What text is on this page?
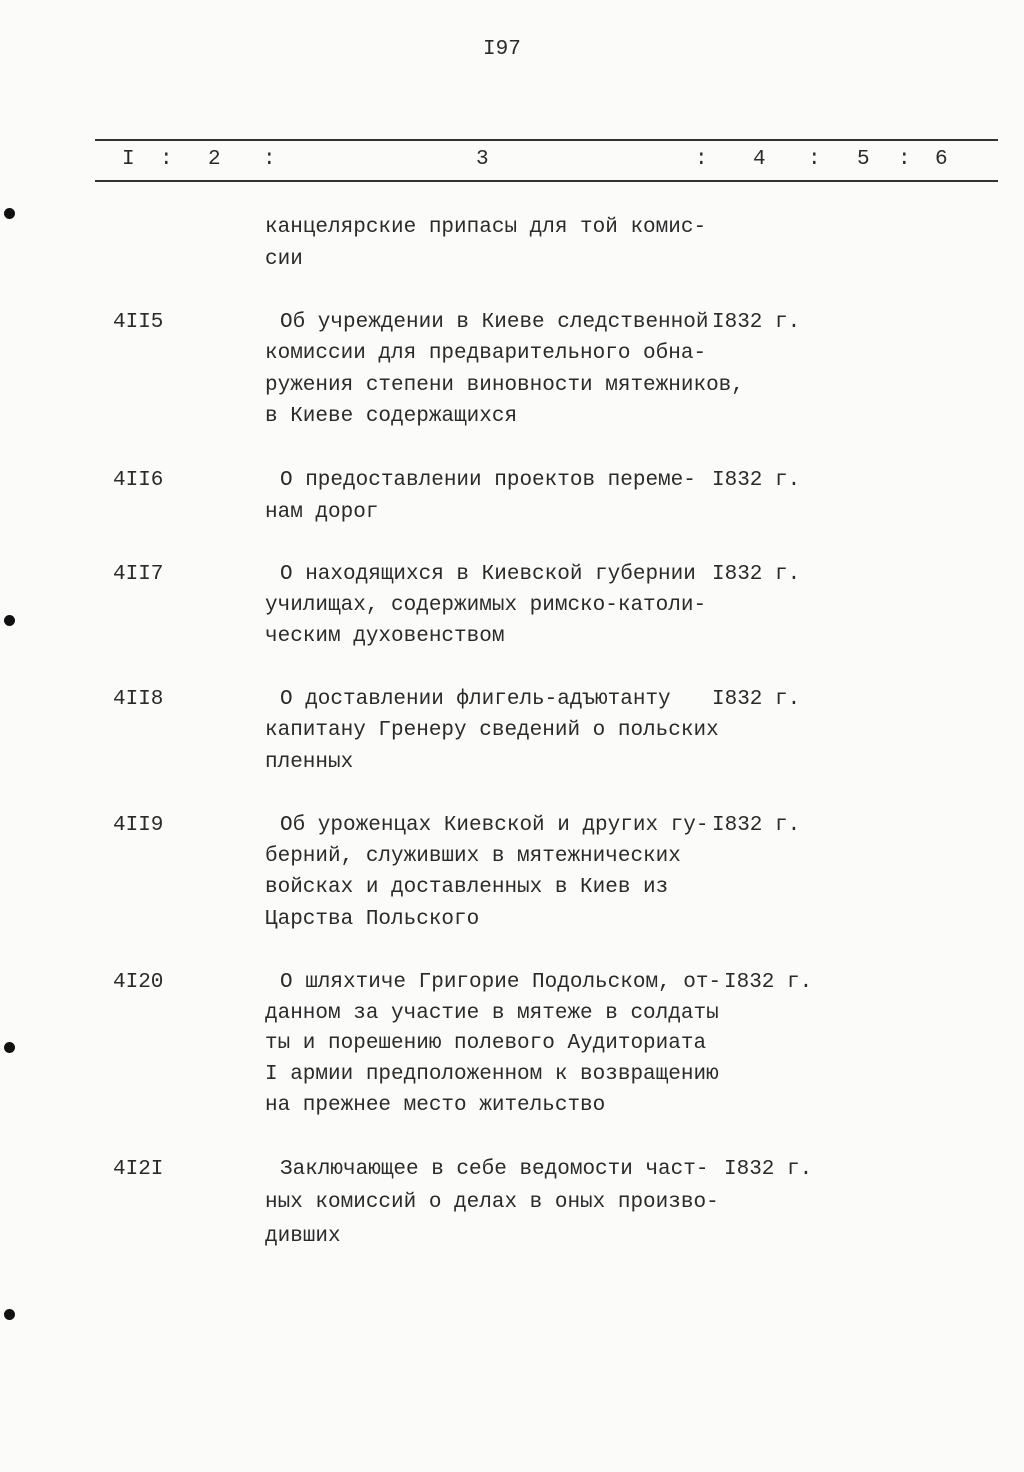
I97
I : 2 :	3	: 4 : 5 : 6
канцелярские припасы для той комис-
сии
4II5	Об учреждении в Киеве следственной I832 г.
комиссии для предварительного обна-
ружения степени виновности мятежников,
в Киеве содержащихся
4II6	О предоставлении проектов переме- I832 г.
нам дорог
4II7	О находящихся в Киевской губернии I832 г.
училищах, содержимых римско-католи-
ческим духовенством
4II8	О доставлении флигель-адъютанту I832 г.
капитану Гренеру сведений о польских
пленных
4II9	Об уроженцах Киевской и других гу- I832 г.
берний, служивших в мятежнических
войсках и доставленных в Киев из
Царства Польского
4I20	О шляхтиче Григорие Подольском, от- I832 г.
данном за участие в мятеже в солдаты
ты и порешению полевого Аудиториата
I армии предположенном к возвращению
на прежнее место жительство
4I2I	Заключающее в себе ведомости част- I832 г.
ных комиссий о делах в оных произво-
дивших
